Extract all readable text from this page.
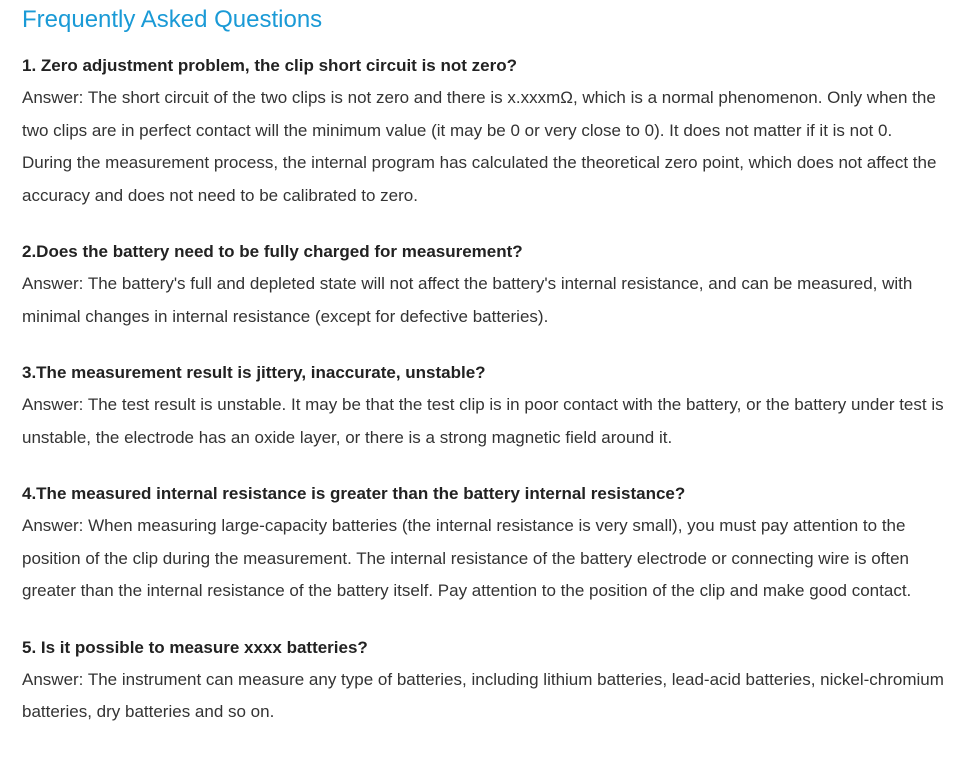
Frequently Asked Questions

1. Zero adjustment problem, the clip short circuit is not zero?

Answer: The short circuit of the two clips is not zero and there is x.xxxmΩ, which is a normal phenomenon. Only when the two clips are in perfect contact will the minimum value (it may be 0 or very close to 0). It does not matter if it is not 0. During the measurement process, the internal program has calculated the theoretical zero point, which does not affect the accuracy and does not need to be calibrated to zero.

2.Does the battery need to be fully charged for measurement?

Answer: The battery's full and depleted state will not affect the battery's internal resistance, and can be measured, with minimal changes in internal resistance (except for defective batteries).

3.The measurement result is jittery, inaccurate, unstable?

Answer: The test result is unstable. It may be that the test clip is in poor contact with the battery, or the battery under test is unstable, the electrode has an oxide layer, or there is a strong magnetic field around it.

4.The measured internal resistance is greater than the battery internal resistance?

Answer: When measuring large-capacity batteries (the internal resistance is very small), you must pay attention to the position of the clip during the measurement. The internal resistance of the battery electrode or connecting wire is often greater than the internal resistance of the battery itself. Pay attention to the position of the clip and make good contact.

5. Is it possible to measure xxxx batteries?

Answer: The instrument can measure any type of batteries, including lithium batteries, lead-acid batteries, nickel-chromium batteries, dry batteries and so on.
